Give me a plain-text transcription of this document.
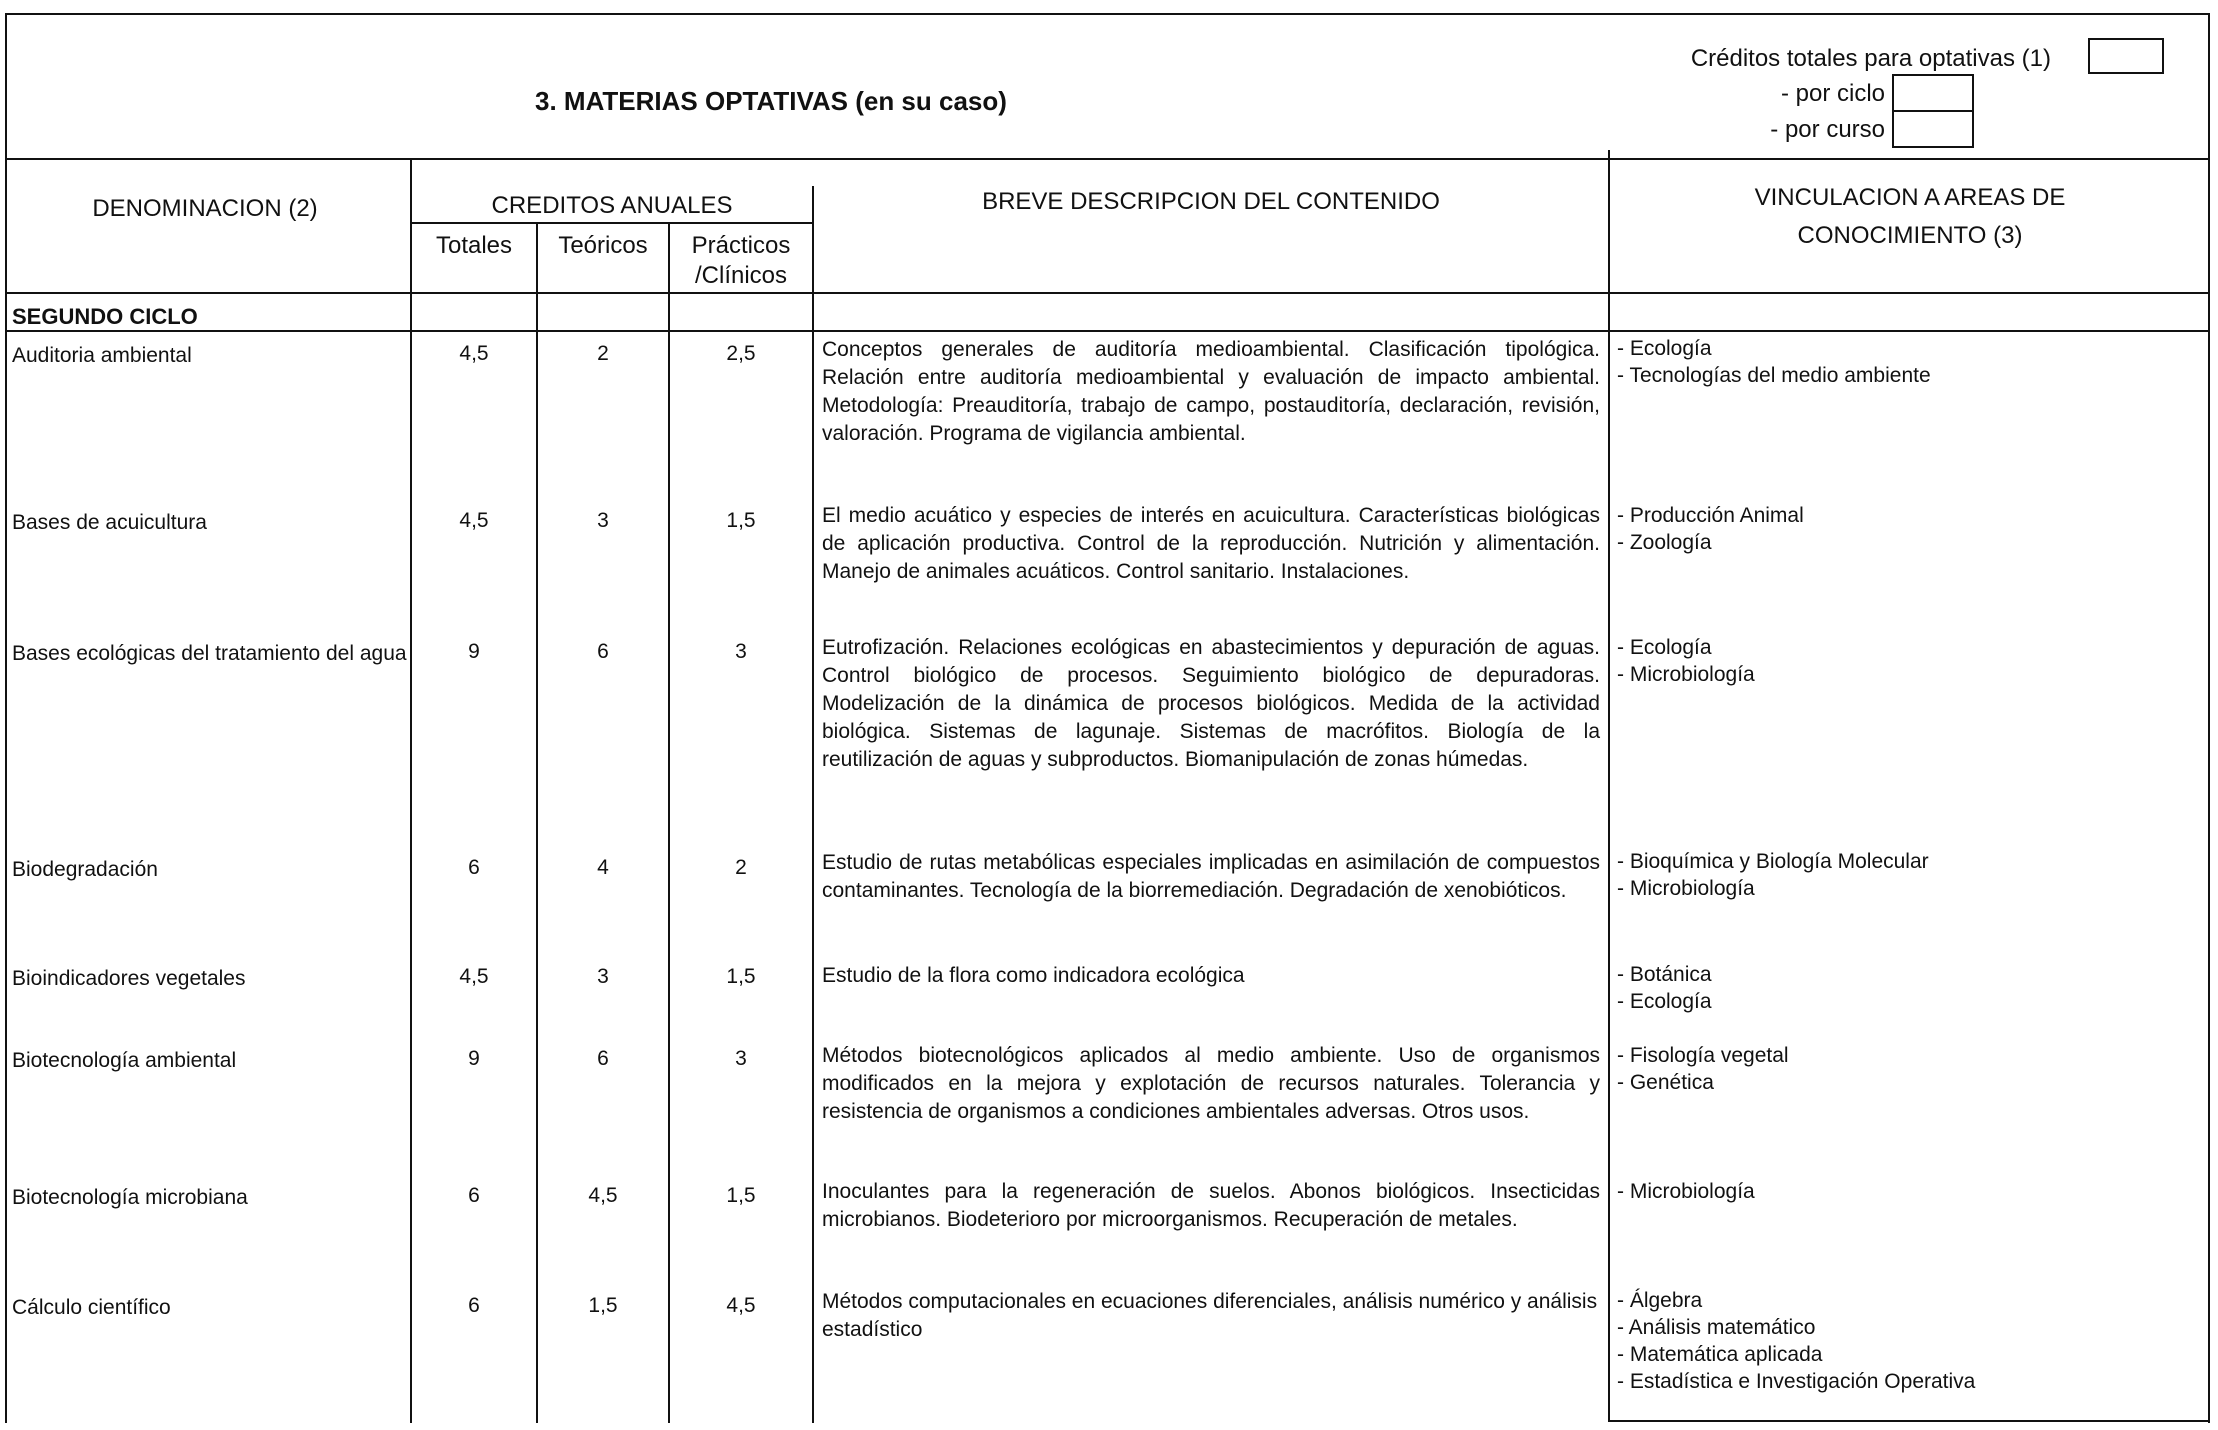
3. MATERIAS OPTATIVAS (en su caso)
Créditos totales para optativas (1)
- por ciclo
- por curso
DENOMINACION (2)	CREDITOS ANUALES
Totales	Teóricos	Prácticos
/Clínicos
BREVE DESCRIPCION DEL CONTENIDO	VINCULACION A AREAS DE
CONOCIMIENTO (3)
SEGUNDO CICLO
Auditoria ambiental	4,5	2	2,5	Conceptos generales de auditoría medioambiental. Clasificación tipológica. Relación entre auditoría medioambiental y evaluación de impacto ambiental. Metodología: Preauditoría, trabajo de campo, postauditoría, declaración, revisión, valoración. Programa de vigilancia ambiental.
- Ecología
- Tecnologías del medio ambiente
Bases de acuicultura	4,5	3	1,5	El medio acuático y especies de interés en acuicultura. Características biológicas de aplicación productiva. Control de la reproducción. Nutrición y alimentación. Manejo de animales acuáticos. Control sanitario. Instalaciones.
- Producción Animal
- Zoología
Bases ecológicas del tratamiento del agua	9	6	3	Eutrofización. Relaciones ecológicas en abastecimientos y depuración de aguas. Control biológico de procesos. Seguimiento biológico de depuradoras. Modelización de la dinámica de procesos biológicos. Medida de la actividad biológica. Sistemas de lagunaje. Sistemas de macrófitos. Biología de la reutilización de aguas y subproductos. Biomanipulación de zonas húmedas.
- Ecología
- Microbiología
Biodegradación	6	4	2	Estudio de rutas metabólicas especiales implicadas en asimilación de compuestos contaminantes. Tecnología de la biorremediación. Degradación de xenobióticos.
- Bioquímica y Biología Molecular
- Microbiología
Bioindicadores vegetales	4,5	3	1,5	Estudio de la flora como indicadora ecológica	- Botánica
- Ecología
Biotecnología ambiental	9	6	3	Métodos biotecnológicos aplicados al medio ambiente. Uso de organismos modificados en la mejora y explotación de recursos naturales. Tolerancia y resistencia de organismos a condiciones ambientales adversas. Otros usos.
- Fisología vegetal
- Genética
Biotecnología microbiana	6	4,5	1,5	Inoculantes para la regeneración de suelos. Abonos biológicos. Insecticidas microbianos. Biodeterioro por microorganismos. Recuperación de metales.
- Microbiología
Cálculo científico	6	1,5	4,5	Métodos computacionales en ecuaciones diferenciales, análisis numérico y análisis estadístico
- Álgebra
- Análisis matemático
- Matemática aplicada
- Estadística e Investigación Operativa
